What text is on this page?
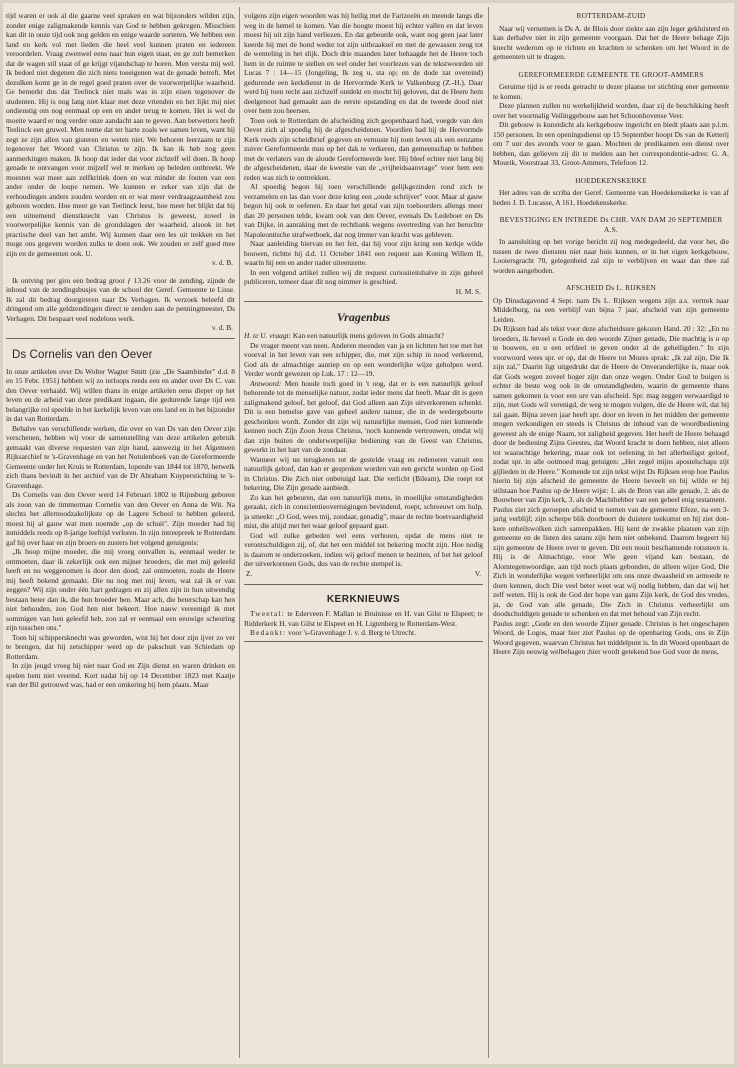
tijd waren er ook al die gaarne veel spraken en wat bijzonders wilden zijn, zonder enige zaligmakende kennis van God te hebben gekregen. Misschien kan dit in onze tijd ook nog gelden en enige waarde sorteren. We hebben een land en kerk vol met lieden die heel veel kunnen praten en iedereen veroordelen. Vraag zwenwel eens naar hun eigen staat, en ge zult bemerken dat de wagen stil staat of ge krijgt vijandschap te horen. Men versta mij wel. Ik bedoel niet degenen die zich niets toeeigenen wat de genade betreft. Met dezulken komt ge in de regel goed praten over de voorwerpelijke waarheid. Ge bemerkt dus dat Teelinck niet mals was in zijn eisen tegenover de studenten. Hij is nog lang niet klaar met deze vrienden en het lijkt mij niet ondienstig om nog eenmaal op een en ander terug te komen. Het is wel de moeite waard er nog verder onze aandacht aan te geven. Aan betwetters heeft Teelinck een gruwel. Men neme dat ter harte zoals we samen leven, want hij zegt ze zijn allen van gisteren en weten niet. We behoren leerzaam te zijn tegenover het Woord van Christus te zijn. Ik kan ik heb nog geen aanmerkingen maken. Ik hoop dat ieder dat voor zichzelf wil doen. Ik hoop genade te ontvangen voor mijzelf wel te merken op beleden ontbreekt. We moesten wat meer aan zelfkritiek doen en wat minder de fouten van een ander onder de loupe nemen. We kunnen er zeker van zijn dat de verhoudingen anders zouden worden en er wat meer verdraagzaamheid zou geboren worden. Hoe meer ge van Teelinck leest, hoe meer het blijkt dat hij een uitnemend dienstknecht van Christus is geweest, zowel in voorwerpelijke kennis van de grondslagen der waarheid, alsook in het practische deel van het ambt. Wij kunnen daar een les uit trekken en het moge ons gegeven worden zulks te doen ook. We zouden er zelf goed mee zijn en de gemeenten ook. U.

v. d. B.

Ik ontving per giro een bedrag groot ƒ 13.26 voor de zending, zijnde de inhoud van de zendingsbusjes van de school der Geref. Gemeente te Lisse. Ik zal dit bedrag doorgireren naar Ds Verhagen. Ik verzoek beleefd dit dringend om alle geldzendingen direct te zenden aan de penningmeester, Ds Verhagen. Dit bespaart veel nodeloos werk.

v. d. B.
Ds Cornelis van den Oever

In onze artikelen over Ds Wolter Wagter Smitt (zie „De Saambinder" d.d. 8 en 15 Febr. 1951) hebben wij zo terloops reeds een en ander over Ds C. van den Oever verhaald. Wij willen thans in enige artikelen eens dieper op het leven en de arbeid van deze predikant ingaan, die gedurende lange tijd een belangrijke rol speelde in het kerkelijk leven van ons land en in het bijzonder in dat van Rotterdam.

Behalve van verschillende werken, die over en van Ds van den Oever zijn verschenen, hebben wij voor de samenstelling van deze artikelen gebruik gemaakt van diverse requesten van zijn hand, aanwezig in het Algemeen Rijksarchief te 's-Gravenhage en van het Notulenboek van de Gereformeerde Gemeente onder het Kruis te Rotterdam, lopende van 1844 tot 1870, hetwelk zich thans bevindt in het archief van de Dr Abraham Kuyperstichting te 's-Gravenhage.

Ds Cornelis van den Oever werd 14 Februari 1802 te Rijnsburg geboren als zoon van de timmerman Cornelis van den Oever en Anna de Wit. Na slechts het allernoodzakelijkste op de Lagere School te hebben geleerd, moest hij al gauw wat men noemde „op de schuit". Zijn moeder had hij inmiddels reeds op 8-jarige leeftijd verloren. In zijn intreepreek te Rotterdam gaf hij over haar en zijn broers en zusters het volgend getuigenis:

„Ik hoop mijne moeder, die mij vroeg ontvallen is, eenmaal weder te ontmoeten, daar ik zekerlijk ook een mijner broeders, die met mij geleefd heeft en nu weggenomen is door den dood, zal ontmoeten, zoals de Heere mij heeft bekend gemaakt. Die nu nog met mij leven, wat zal ik er van zeggen? Wij zijn onder één hart gedragen en zij allen zijn in hun uitwendig bestaan beter dan ik, die hun broeder ben. Maar ach, die beterschap kan hen niet behouden, zoo God hen niet bekeert. Hoe nauw vereenigd ik met sommigen van hen geleefd heb, zoo zal er eenmaal een eeuwige scheuring zijn tusschen ons."

Toen hij schippersknecht was geworden, wist hij het door zijn ijver zo ver te brengen, dat hij zetschipper werd op de pakschuit van Schiedam op Rotterdam.

In zijn jeugd vroeg hij niet naar God en Zijn dienst en waren drinken en spelen hem niet vreemd. Kort nadat hij op 14 December 1823 met Kaatje van der Bil getrouwd was, had er een omkering bij hem plaats. Maar

volgens zijn eigen woorden was hij heilig met de Farizeeën en meende langs die weg in de hemel te komen. Van die hoogte moest hij echter vallen en dat leven moest hij uit zijn hand verliezen. En dat gebeurde ook, want nog geen jaar later keerde hij met de hond weder tot zijn uitbraaksel en met de gewassen zeug tot de wenteling in het slijk. Doch drie maanden later behaagde het de Heere toch hem in de ruimte te stellen en wel onder het voorlezen van de tekstwoorden uit Lucas 7 : 14—15 (Jongeling, Ik zeg u, sta op; en de dode zat overeind) gedurende een kerkdienst in de Hervormde Kerk te Valkenburg (Z.-H.). Daar werd hij toen recht aan zichzelf ontdekt en mocht hij geloven, dat de Heere hem deelgenoot had gemaakt aan de eerste opstanding en dat de tweede dood niet over hem zou heersen.

Toen ook te Rotterdam de afscheiding zich geopenbaard had, voegde van den Oever zich al spoedig bij de afgescheidenen. Voordien had hij de Hervormde Kerk reeds zijn scheidbrief gegeven en vernuste hij toen leven als een eenzame zuiver Gereformeerde mus op het dak te verkeren, dan gemeenschap te hebben met de verlaters van de aloude Gereformeerde leer. Hij bleef echter niet lang bij de afgescheidenen, daar de kwestie van de „vrijheidsaanvrage" voor hem een reden was zich te onttrekken.

Al spoedig begon hij toen verschillende gelijkgezinden rond zich te verzamelen en las dan voor deze kring een „oude schrijver" voor. Maar al gauw begon hij ook te oefenen. En daar het getal van zijn toehoorders allengs meer dan 20 personen telde, kwam ook van den Oever, evenals Ds Ledeboer en Ds van Dijke, in aanraking met de rechtbank wegens overtreding van het beruchte Napoleontische strafwetboek, dat nog immer van kracht was gebleven.

Naar aanleiding hiervan en het feit, dat hij voor zijn kring een kerkje wilde bouwen, richtte hij d.d. 11 October 1841 een request aan Koning Willem II, waarin hij een en ander nader uiteenzette.

In een volgend artikel zullen wij dit request curiositeitshalve in zijn geheel publiceren, temeer daar dit nog nimmer is geschied.

H. M. S.
Vragenbus

H. te U. vraagt: Kan een natuurlijk mens geloven in Gods almacht?

De vrager meent van neen. Anderen meenden van ja en lichtten het toe met het voorval in het leven van een schipper, die, met zijn schip in nood verkerend, God als de almachtige aanriep en op een wonderlijke wijze geholpen werd. Verder wordt gewezen op Luk. 17 : 12—19.

Antwoord: Men houde toch goed in 't oog, dat er is een natuurlijk geloof behorende tot de menselijke natuur, zodat ieder mens dat heeft. Maar dit is geen zaligmakend geloof, het geloof, dat God alleen aan Zijn uitverkorenen schenkt. Dit is een hemelse gave van geheel andere natuur, die in de wedergeboorte geschonken wordt. Zonder dit zijn wij natuurlijke mensen, God niet kunnende kennen noch Zijn Zoon Jezus Christus, 'noch kunnende vertrouwen, omdat wij dan zijn buiten de onderwerpelijke bediening van de Geest van Christus, gewerkt in het hart van de zondaar.

Wanneer wij nu terugkeren tot de gestelde vraag en redeneren vanuit een natuurlijk geloof, dan kan er gesproken worden van een gericht worden op God in Christus. Die Zich niet onbetuigd laat. Die verlicht (Bileam), Die roept tot bekering, Die Zijn genade aanbiedt.

Zo kan het gebeuren, dat een natuurlijk mens, in moeilijke omstandigheden geraakt, zich in conscientieovertuigingen bevindend, roept, schreeuwt om hulp, ja smeekt: „O God, wees mij, zondaar, genadig", maar de rechte boetvaardigheid mist, die altijd met het waar geloof gepaard gaat.

God wil zulke gebeden wel eens verhoren, opdat de mens niet te verontschuldigen zij, of, dat het een middel tot bekering mocht zijn. Hoe nodig is daarom te onderzoeken, indien wij geloof menen te bezitten, of het het geloof der uitverkorenen Gods, dus van de rechte stempel is.

Z.	V.
KERKNIEUWS

Tweetal: te Ederveen F. Mallan te Bruinisse en H. van Gilst te Elspeet; te Ridderkerk H. van Gilst te Elspeet en H. Ligtenberg te Rotterdam-West.

Bedankt: voor 's-Gravenhage J. v. d. Berg te Utrecht.

ROTTERDAM-ZUID

Naar wij vernemen is Ds A. de Blois door ziekte aan zijn leger gekluisterd en kan derhalve niet in zijn gemeente voorgaan. Dat het de Heere behage Zijn knecht wederom op te richten en krachten te schenken om het Woord in de gemeenten uit te dragen.

GEREFORMEERDE GEMEENTE TE GROOT-AMMERS

Geruime tijd is er reeds getracht te dezer plaatse tot stichting ener gemeente te komen.

Deze plannen zullen nu werkelijkheid worden, daar zij de beschikking heeft over het voormalig Veilinggebouw aan het Schoonhovense Veer.

Dit gebouw is kunstdicht als kerkgebouw ingericht en biedt plaats aan p.l.m. 150 personen. In een openingsdienst op 15 September hoopt Ds van de Ketterij om 7 uur des avonds voor te gaan. Mochten de predikanten een dienst over hebben, dan gelieven zij dit te melden aan het correspondentie-adres: G. A. Mourik, Voorstraat 33, Groot-Ammers, Telefoon 12.

HOEDEKENSKERKE

Het adres van de scriba der Geref. Gemeente van Hoedekenskerke is van af heden J. D. Lucasse, A 161, Hoedekenskerke.

BEVESTIGING EN INTREDE Ds CHR. VAN DAM 20 SEPTEMBER A.S.

In aansluiting op het vorige bericht zij nog medegedeeld, dat voor het, die tussen de twee diensten niet naar huis kunnen, er in het eigen kerkgebouw, Looiersgracht 70, gelegenheid zal zijn te verblijven en waar dan thee zal worden aangeboden.

AFSCHEID Ds L. RIJKSEN

Op Dinsdagavond 4 Sept. nam Ds L. Rijksen wegens zijn a.s. vertrek naar Middelburg, na een verblijf van bijna 7 jaar, afscheid van zijn gemeente Leiden.

Ds Rijksen had als tekst voor deze afscheidsure gekozen Hand. 20 : 32: „En nu broeders, ik beveel u Gode en den woorde Zijner genade, Die machtig is u op te bouwen, en u een erfdeel te geven onder al de geheiligden." In zijn voorwoord wees spr. er op, dat de Heere tot Mozes sprak: „Ik zal zijn, Die Ik zijn zal," Daarin ligt uitgedrukt dat de Heere de Onveranderlijke is, maar ook dat Gods wegen zoveel hoger zijn dan onze wegen. Onder God te buigen is echter de beste weg ook in de omstandigheden, waarin de gemeente thans samen gekomen is voor een ure van afscheid. Spr. mag zeggen verwaardigd te zijn, met Gods wil verenigd, de weg te mogen volgen, die de Heere wil, dat hij zal gaan. Bijna zeven jaar heeft spr. door en leven in het midden der gemeente mogen verkondigen en steeds is Christus de inhoud van de woordbediening geweest als de enige Naam, tot zaligheid gegeven. Het heeft de Heere behaagd door de bediening Zijns Geestes, dat Woord kracht te doen hebben, niet alleen tot waarachtige bekering, maar ook tot oefening in het allerheiligst geloof, zodat spr. in alle ootmoed mag getuigen: „Het zegel mijns apostelschaps zijt gijlieden in de Heere." Komende tot zijn tekst wijst Ds Rijksen erop hoe Paulus hierin bij zijn afscheid de gemeente de Heere beveelt en bij wilde er bij stilstaan hoe Paulus op de Heere wijst: 1. als de Bron van alle genade, 2. als de Bouwheer van Zijn kerk, 3. als de Machthebber van een geheel enig testament.

Paulus ziet zich geroepen afscheid te nemen van de gemeente Efeze, na een 3-jarig verblijf; zijn scherpe blik doorboort de duistere toekomst en hij ziet donkere onheilswolken zich samenpakken. Hij kent de zwakke plaatsen van zijn gemeente en de listen des satans zijn hem niet onbekend. Daarom begeert hij zijn gemeente de Heere over te geven. Dit een nooit beschamende rotssteen is. Hij is de Almachtige, voor Wie geen vijand kan bestaan, de Alomtegenwoordige, aan tijd noch plaats gebonden, de alleen wijze God, Die Zich in wonderlijke wegen verheerlijkt om ons onze dwaasheid en armoede te doen kennen, doch Die veel beter weet wat wij nodig hebben, dan dat wij het zelf weten. Hij is ook de God der hope van gans Zijn kerk, de God des vredes, ja, de God van alle genade, Die Zich in Christus verheerlijkt om doodschuldigen genade te schenken en dat met behoud van Zijn recht.

Paulus zegt: „Gode en den woorde Zijner genade. Christus is het ongeschapen Woord, de Logos, maar hier ziet Paulus op de openbaring Gods, ons in Zijn Woord gegeven, waarvan Christus het middelpunt is. In dit Woord openbaart de Heere Zijn eeuwig welbehagen ;hier wordt getekend hoe God voor de mens,
